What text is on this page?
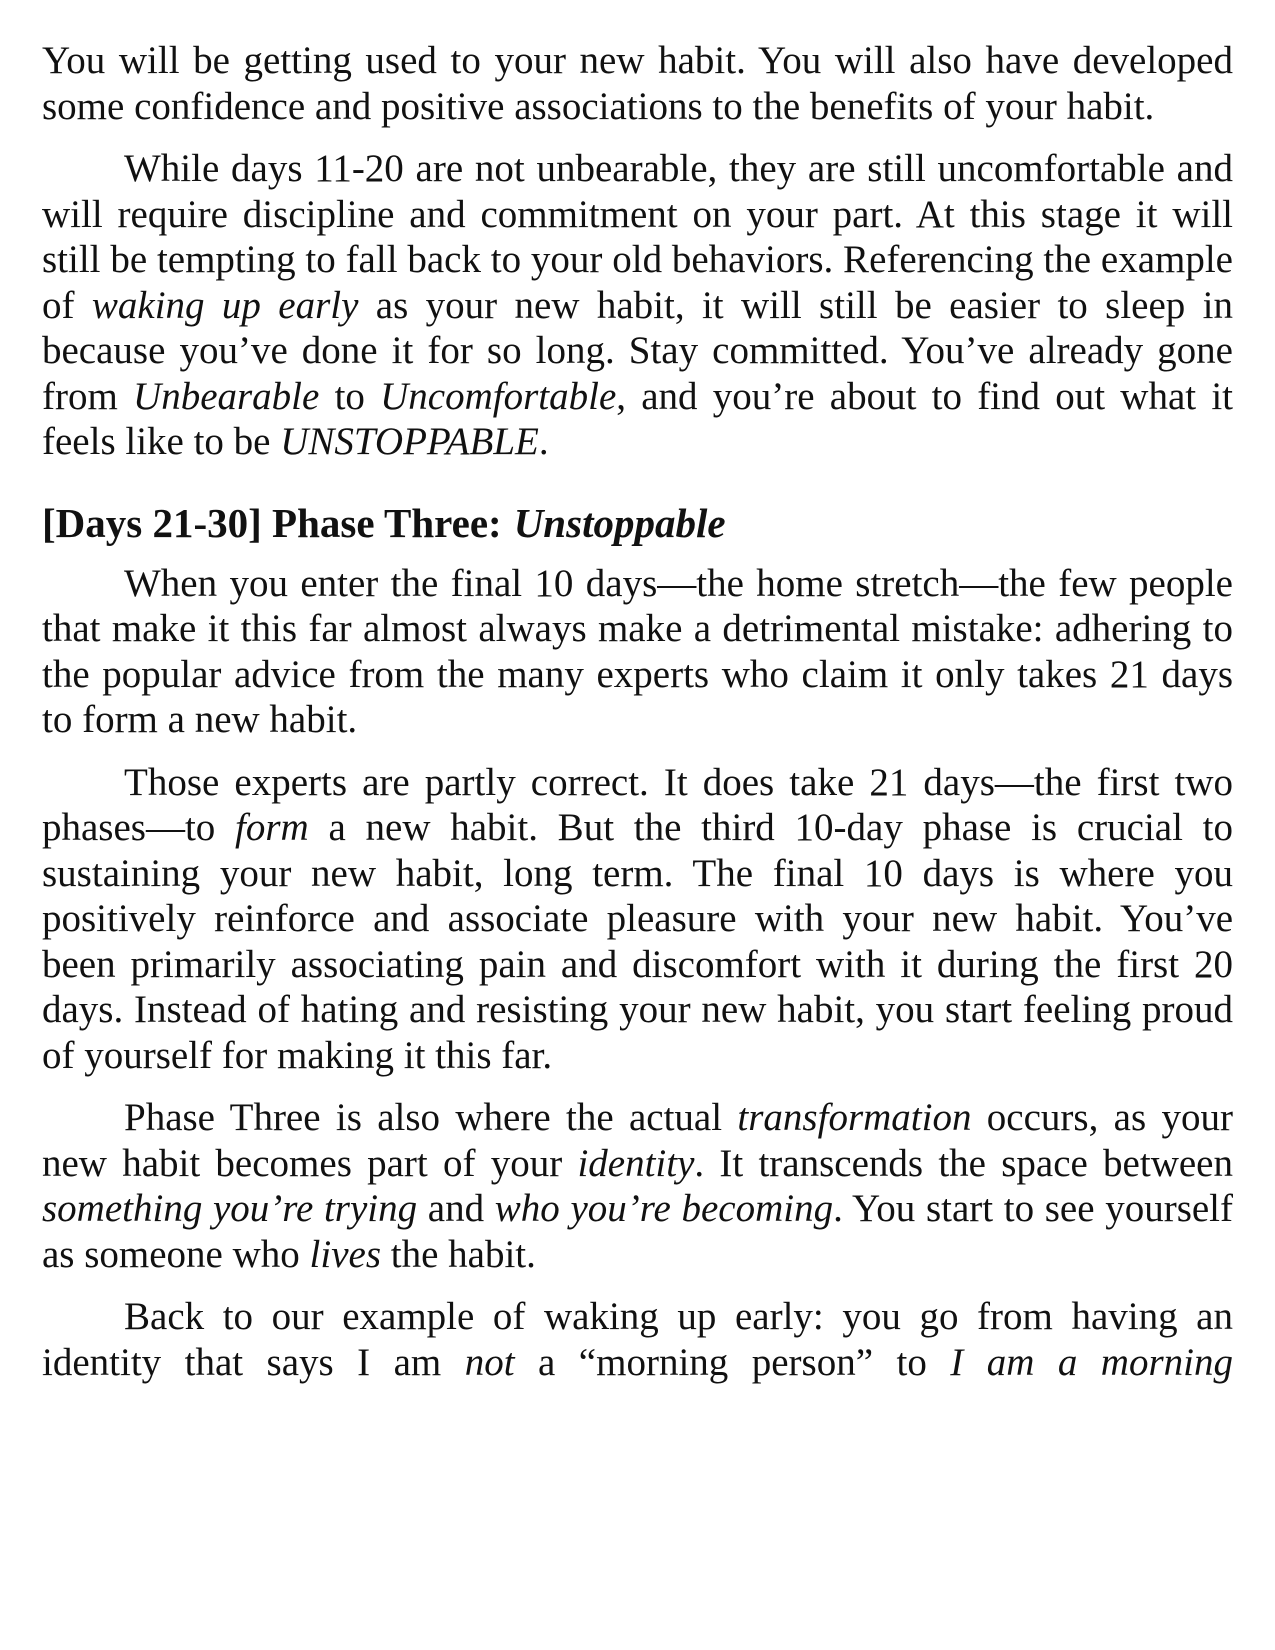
You will be getting used to your new habit. You will also have developed some confidence and positive associations to the benefits of your habit.

While days 11-20 are not unbearable, they are still uncomfortable and will require discipline and commitment on your part. At this stage it will still be tempting to fall back to your old behaviors. Referencing the example of waking up early as your new habit, it will still be easier to sleep in because you’ve done it for so long. Stay committed. You’ve already gone from Unbearable to Uncomfortable, and you’re about to find out what it feels like to be UNSTOPPABLE.

[Days 21-30] Phase Three: Unstoppable

When you enter the final 10 days—the home stretch—the few people that make it this far almost always make a detrimental mistake: adhering to the popular advice from the many experts who claim it only takes 21 days to form a new habit.

Those experts are partly correct. It does take 21 days—the first two phases—to form a new habit. But the third 10-day phase is crucial to sustaining your new habit, long term. The final 10 days is where you positively reinforce and associate pleasure with your new habit. You’ve been primarily associating pain and discomfort with it during the first 20 days. Instead of hating and resisting your new habit, you start feeling proud of yourself for making it this far.

Phase Three is also where the actual transformation occurs, as your new habit becomes part of your identity. It transcends the space between something you’re trying and who you’re becoming. You start to see yourself as someone who lives the habit.

Back to our example of waking up early: you go from having an identity that says I am not a “morning person” to I am a morning
